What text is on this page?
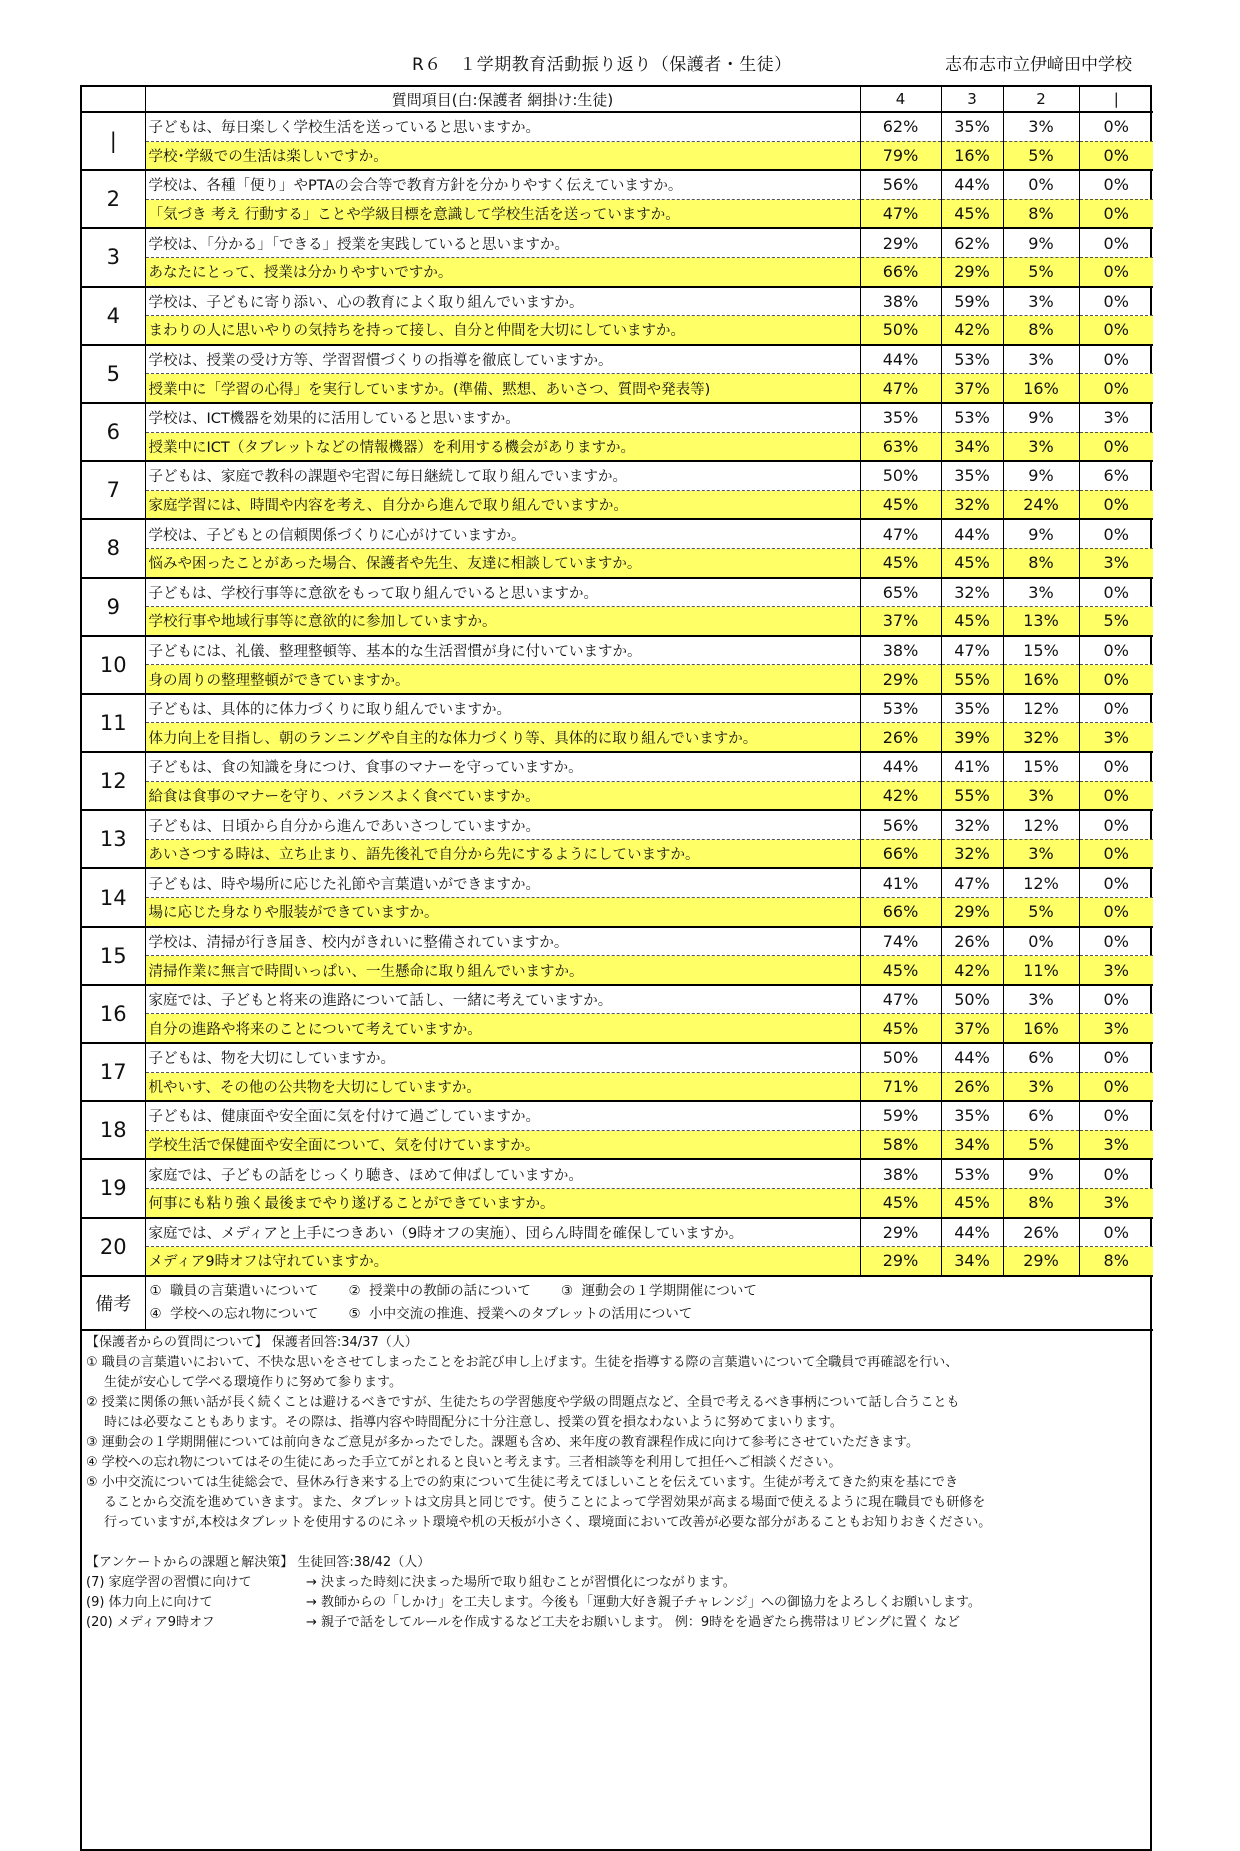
R６　１学期教育活動振り返り（保護者・生徒）	志布志市立伊﨑田中学校
	質問項目(白:保護者 網掛け:生徒)	4	3	2	|
|	子どもは、毎日楽しく学校生活を送っていると思いますか。	62%	35%	3%	0%
	学校･学級での生活は楽しいですか。	79%	16%	5%	0%
2	学校は、各種「便り」やPTAの会合等で教育方針を分かりやすく伝えていますか。	56%	44%	0%	0%
	「気づき 考え 行動する」ことや学級目標を意識して学校生活を送っていますか。	47%	45%	8%	0%
3	学校は、「分かる」「できる」授業を実践していると思いますか。	29%	62%	9%	0%
	あなたにとって、授業は分かりやすいですか。	66%	29%	5%	0%
4	学校は、子どもに寄り添い、心の教育によく取り組んでいますか。	38%	59%	3%	0%
	まわりの人に思いやりの気持ちを持って接し、自分と仲間を大切にしていますか。	50%	42%	8%	0%
5	学校は、授業の受け方等、学習習慣づくりの指導を徹底していますか。	44%	53%	3%	0%
	授業中に「学習の心得」を実行していますか。(準備、黙想、あいさつ、質問や発表等)	47%	37%	16%	0%
6	学校は、ICT機器を効果的に活用していると思いますか。	35%	53%	9%	3%
	授業中にICT（タブレットなどの情報機器）を利用する機会がありますか。	63%	34%	3%	0%
7	子どもは、家庭で教科の課題や宅習に毎日継続して取り組んでいますか。	50%	35%	9%	6%
	家庭学習には、時間や内容を考え、自分から進んで取り組んでいますか。	45%	32%	24%	0%
8	学校は、子どもとの信頼関係づくりに心がけていますか。	47%	44%	9%	0%
	悩みや困ったことがあった場合、保護者や先生、友達に相談していますか。	45%	45%	8%	3%
9	子どもは、学校行事等に意欲をもって取り組んでいると思いますか。	65%	32%	3%	0%
	学校行事や地域行事等に意欲的に参加していますか。	37%	45%	13%	5%
10	子どもには、礼儀、整理整頓等、基本的な生活習慣が身に付いていますか。	38%	47%	15%	0%
	身の周りの整理整頓ができていますか。	29%	55%	16%	0%
11	子どもは、具体的に体力づくりに取り組んでいますか。	53%	35%	12%	0%
	体力向上を目指し、朝のランニングや自主的な体力づくり等、具体的に取り組んでいますか。	26%	39%	32%	3%
12	子どもは、食の知識を身につけ、食事のマナーを守っていますか。	44%	41%	15%	0%
	給食は食事のマナーを守り、バランスよく食べていますか。	42%	55%	3%	0%
13	子どもは、日頃から自分から進んであいさつしていますか。	56%	32%	12%	0%
	あいさつする時は、立ち止まり、語先後礼で自分から先にするようにしていますか。	66%	32%	3%	0%
14	子どもは、時や場所に応じた礼節や言葉遣いができますか。	41%	47%	12%	0%
	場に応じた身なりや服装ができていますか。	66%	29%	5%	0%
15	学校は、清掃が行き届き、校内がきれいに整備されていますか。	74%	26%	0%	0%
	清掃作業に無言で時間いっぱい、一生懸命に取り組んでいますか。	45%	42%	11%	3%
16	家庭では、子どもと将来の進路について話し、一緒に考えていますか。	47%	50%	3%	0%
	自分の進路や将来のことについて考えていますか。	45%	37%	16%	3%
17	子どもは、物を大切にしていますか。	50%	44%	6%	0%
	机やいす、その他の公共物を大切にしていますか。	71%	26%	3%	0%
18	子どもは、健康面や安全面に気を付けて過ごしていますか。	59%	35%	6%	0%
	学校生活で保健面や安全面について、気を付けていますか。	58%	34%	5%	3%
19	家庭では、子どもの話をじっくり聴き、ほめて伸ばしていますか。	38%	53%	9%	0%
	何事にも粘り強く最後までやり遂げることができていますか。	45%	45%	8%	3%
20	家庭では、メディアと上手につきあい（9時オフの実施）、団らん時間を確保していますか。	29%	44%	26%	0%
	メディア9時オフは守れていますか。	29%	34%	29%	8%
備考	①  職員の言葉遣いについて       ②  授業中の教師の話について       ③  運動会の１学期開催について
④  学校への忘れ物について       ⑤  小中交流の推進、授業へのタブレットの活用について				
【保護者からの質問について】 保護者回答:34/37（人）
① 職員の言葉遣いにおいて、不快な思いをさせてしまったことをお詫び申し上げます。生徒を指導する際の言葉遣いについて全職員で再確認を行い、
生徒が安心して学べる環境作りに努めて参ります。
② 授業に関係の無い話が長く続くことは避けるべきですが、生徒たちの学習態度や学級の問題点など、全員で考えるべき事柄について話し合うことも
時には必要なこともあります。その際は、指導内容や時間配分に十分注意し、授業の質を損なわないように努めてまいります。
③ 運動会の１学期開催については前向きなご意見が多かったでした。課題も含め、来年度の教育課程作成に向けて参考にさせていただきます。
④ 学校への忘れ物についてはその生徒にあった手立てがとれると良いと考えます。三者相談等を利用して担任へご相談ください。
⑤ 小中交流については生徒総会で、昼休み行き来する上での約束について生徒に考えてほしいことを伝えています。生徒が考えてきた約束を基にでき
ることから交流を進めていきます。また、タブレットは文房具と同じです。使うことによって学習効果が高まる場面で使えるように現在職員でも研修を
行っていますが,本校はタブレットを使用するのにネット環境や机の天板が小さく、環境面において改善が必要な部分があることもお知りおきください。
【アンケートからの課題と解決策】 生徒回答:38/42（人）
(7) 家庭学習の習慣に向けて	→ 決まった時刻に決まった場所で取り組むことが習慣化につながります。
(9) 体力向上に向けて	→ 教師からの「しかけ」を工夫します。今後も「運動大好き親子チャレンジ」への御協力をよろしくお願いします。
(20) メディア9時オフ	→ 親子で話をしてルールを作成するなど工夫をお願いします。 例：9時をを過ぎたら携帯はリビングに置く など
